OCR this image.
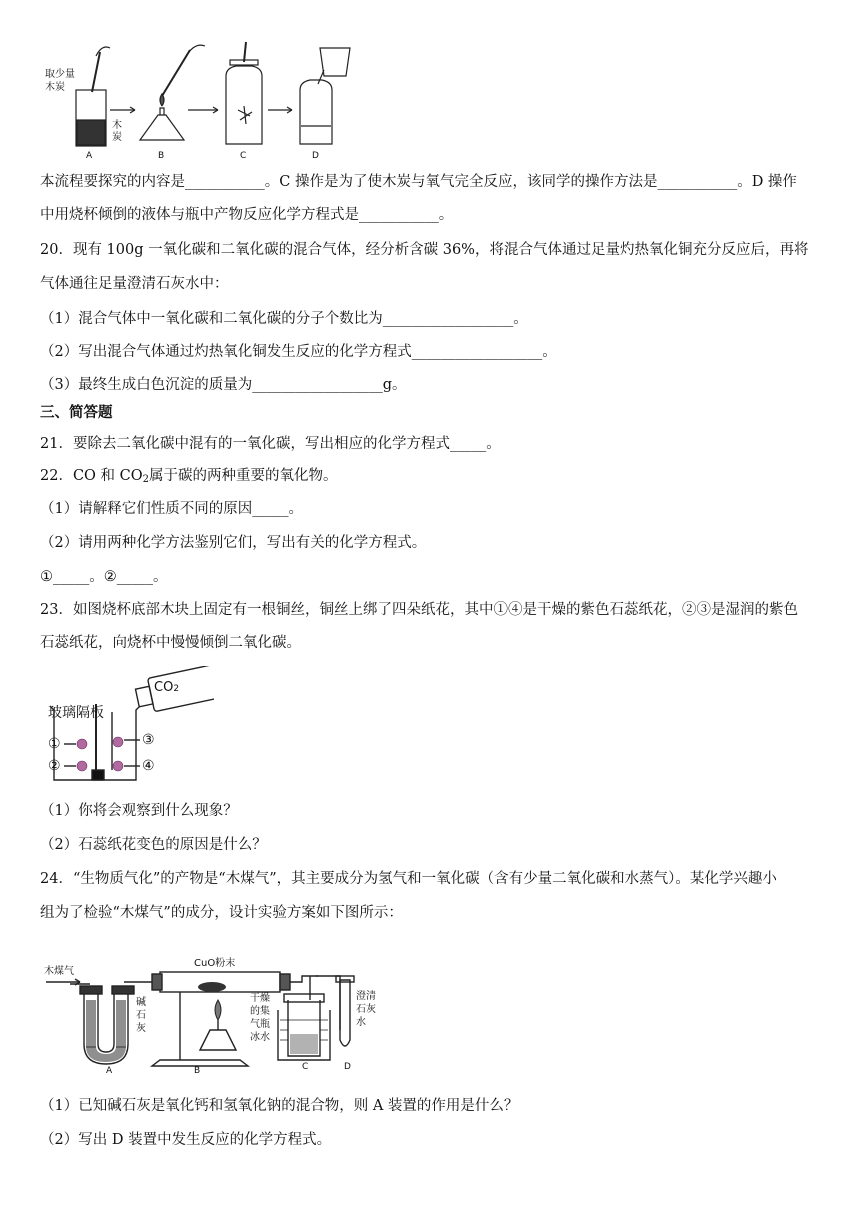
取少量
木炭
木
炭
A	B	C	D
本流程要探究的内容是___________。C 操作是为了使木炭与氧气完全反应，该同学的操作方法是___________。D 操作
中用烧杯倾倒的液体与瓶中产物反应化学方程式是___________。
20．现有 100g 一氧化碳和二氧化碳的混合气体，经分析含碳 36%，将混合气体通过足量灼热氧化铜充分反应后，再将
气体通往足量澄清石灰水中：
（1）混合气体中一氧化碳和二氧化碳的分子个数比为__________________。
（2）写出混合气体通过灼热氧化铜发生反应的化学方程式__________________。
（3）最终生成白色沉淀的质量为__________________g。
三、简答题
21．要除去二氧化碳中混有的一氧化碳，写出相应的化学方程式_____。
22．CO 和 $CO_2$属于碳的两种重要的氧化物。
（1）请解释它们性质不同的原因_____。
（2）请用两种化学方法鉴别它们，写出有关的化学方程式。
①_____。②_____。
23．如图烧杯底部木块上固定有一根铜丝，铜丝上绑了四朵纸花，其中①④是干燥的紫色石蕊纸花，②③是湿润的紫色
石蕊纸花，向烧杯中慢慢倾倒二氧化碳。
玻璃隔板
CO2
①
②
③
④
（1）你将会观察到什么现象？
（2）石蕊纸花变色的原因是什么？
24．“生物质气化”的产物是“木煤气”，其主要成分为氢气和一氧化碳（含有少量二氧化碳和水蒸气）。某化学兴趣小
组为了检验“木煤气”的成分，设计实验方案如下图所示：
木煤气
CuO粉末
碱
石
灰
干燥
的集
气瓶
冰水
澄清
石灰
水
A	B	C	D
（1）已知碱石灰是氧化钙和氢氧化钠的混合物，则 A 装置的作用是什么？
（2）写出 D 装置中发生反应的化学方程式。
